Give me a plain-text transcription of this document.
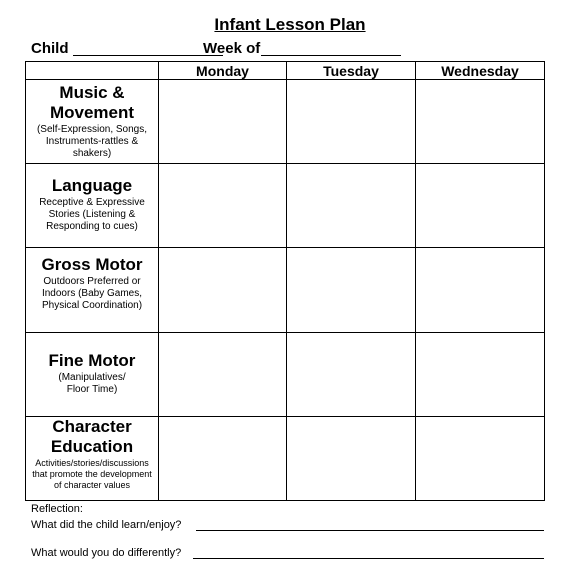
Infant Lesson Plan
Child	Week of
	Monday	Tuesday	Wednesday

Music & Movement
(Self-Expression, Songs, Instruments-rattles & shakers)			

Language
Receptive & Expressive Stories (Listening & Responding to cues)			

Gross Motor
Outdoors Preferred or Indoors (Baby Games, Physical Coordination)			

Fine Motor
(Manipulatives/ Floor Time)			

Character Education
Activities/stories/discussions that promote the development of character values			

Reflection:
What did the child learn/enjoy?
What would you do differently?
